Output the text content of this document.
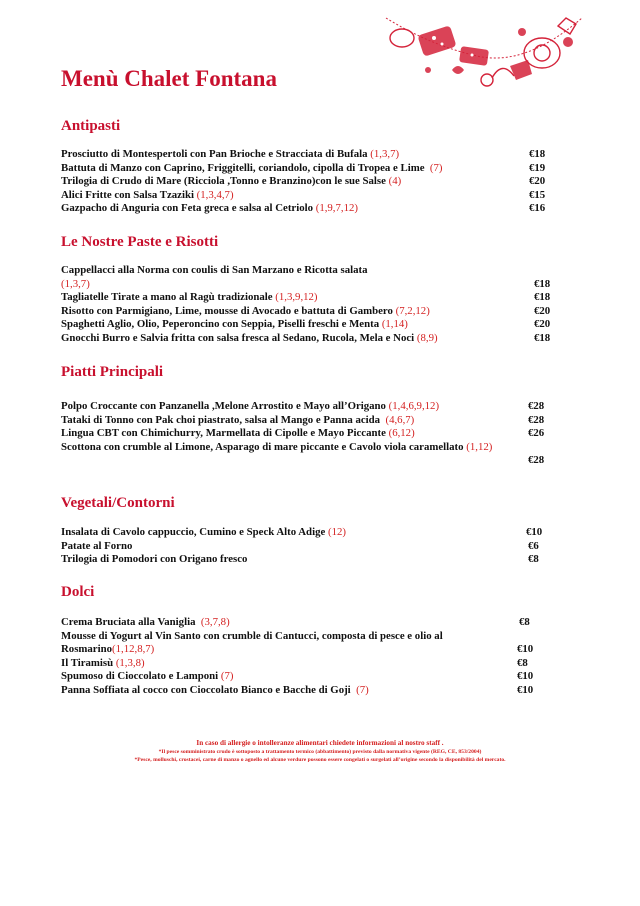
Menù Chalet Fontana
Antipasti
Prosciutto di Montespertoli con Pan Brioche e Stracciata di Bufala (1,3,7)	€18
Battuta di Manzo con Caprino, Friggitelli, coriandolo, cipolla di Tropea e Lime (7)	€19
Trilogia di Crudo di Mare (Ricciola ,Tonno e Branzino)con le sue Salse (4)	€20
Alici Fritte con Salsa Tzaziki (1,3,4,7)	€15
Gazpacho di Anguria con Feta greca e salsa al Cetriolo (1,9,7,12)	€16
Le Nostre Paste e Risotti
Cappellacci alla Norma con coulis di San Marzano e Ricotta salata
(1,3,7)	€18
Tagliatelle Tirate a mano al Ragù tradizionale (1,3,9,12)	€18
Risotto con Parmigiano, Lime, mousse di Avocado e battuta di Gambero (7,2,12)	€20
Spaghetti Aglio, Olio, Peperoncino con Seppia, Piselli freschi e Menta (1,14)	€20
Gnocchi Burro e Salvia fritta con salsa fresca al Sedano, Rucola, Mela e Noci (8,9)	€18
Piatti Principali
Polpo Croccante con Panzanella ,Melone Arrostito e Mayo all’Origano (1,4,6,9,12)	€28
Tataki di Tonno con Pak choi piastrato, salsa al Mango e Panna acida (4,6,7)	€28
Lingua CBT con Chimichurry, Marmellata di Cipolle e Mayo Piccante (6,12)	€26
Scottona con crumble al Limone, Asparago di mare piccante e Cavolo viola caramellato (1,12)
€28

Vegetali/Contorni
Insalata di Cavolo cappuccio, Cumino e Speck Alto Adige (12)	€10
Patate al Forno	€6
Trilogia di Pomodori con Origano fresco	€8
Dolci
Crema Bruciata alla Vaniglia (3,7,8)	€8
Mousse di Yogurt al Vin Santo con crumble di Cantucci, composta di pesce e olio al Rosmarino(1,12,8,7)	€10
Il Tiramisù (1,3,8)	€8
Spumoso di Cioccolato e Lamponi (7)	€10
Panna Soffiata al cocco con Cioccolato Bianco e Bacche di Goji (7)	€10
In caso di allergie o intolleranze alimentari chiedete informazioni al nostro staff .
*Il pesce somministrato crudo è sottoposto a trattamento termico (abbattimento) previsto dalla normativa vigente (REG, CE, 853/2004)
*Pesce, molluschi, crostacei, carne di manzo o agnello ed alcune verdure possono essere congelati o surgelati all’origine secondo la disponibilità del mercato.
